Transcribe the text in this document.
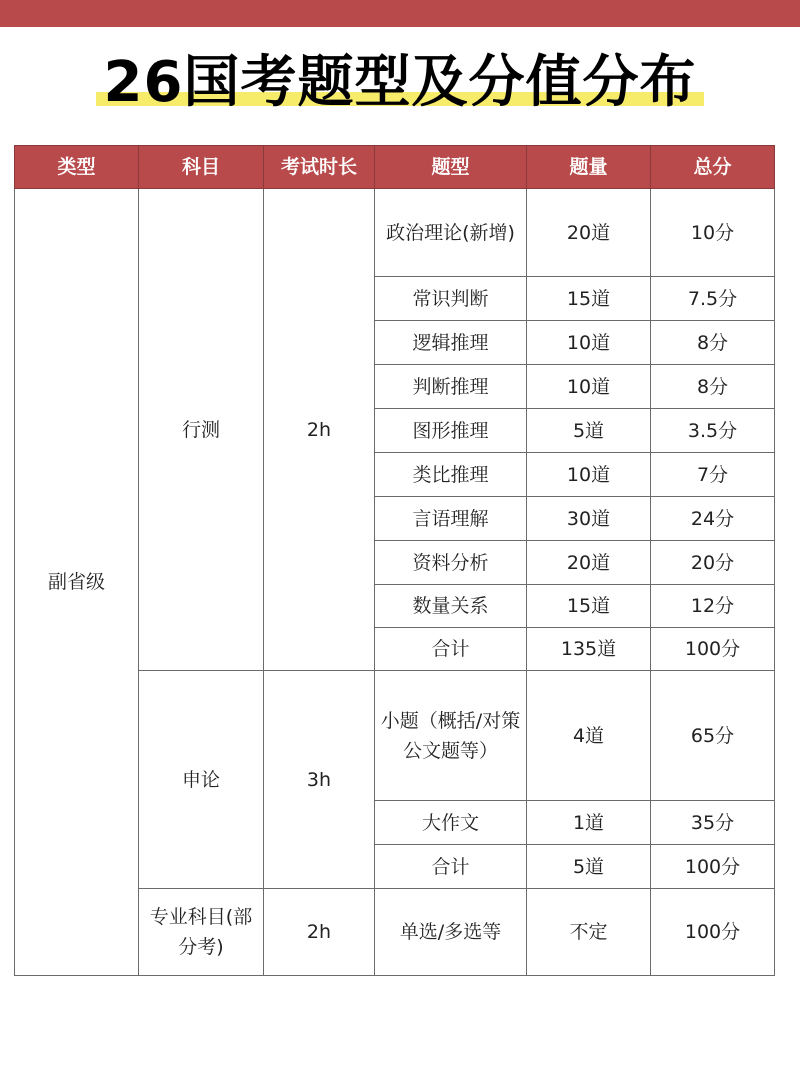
26国考题型及分值分布
类型	科目	考试时长	题型	题量	总分
副省级	行测	2h	政治理论(新增)	20道	10分
			常识判断	15道	7.5分
			逻辑推理	10道	8分
			判断推理	10道	8分
			图形推理	5道	3.5分
			类比推理	10道	7分
			言语理解	30道	24分
			资料分析	20道	20分
			数量关系	15道	12分
			合计	135道	100分
	申论	3h	小题（概括/对策公文题等）	4道	65分
			大作文	1道	35分
			合计	5道	100分
	专业科目(部分考)	2h	单选/多选等	不定	100分
